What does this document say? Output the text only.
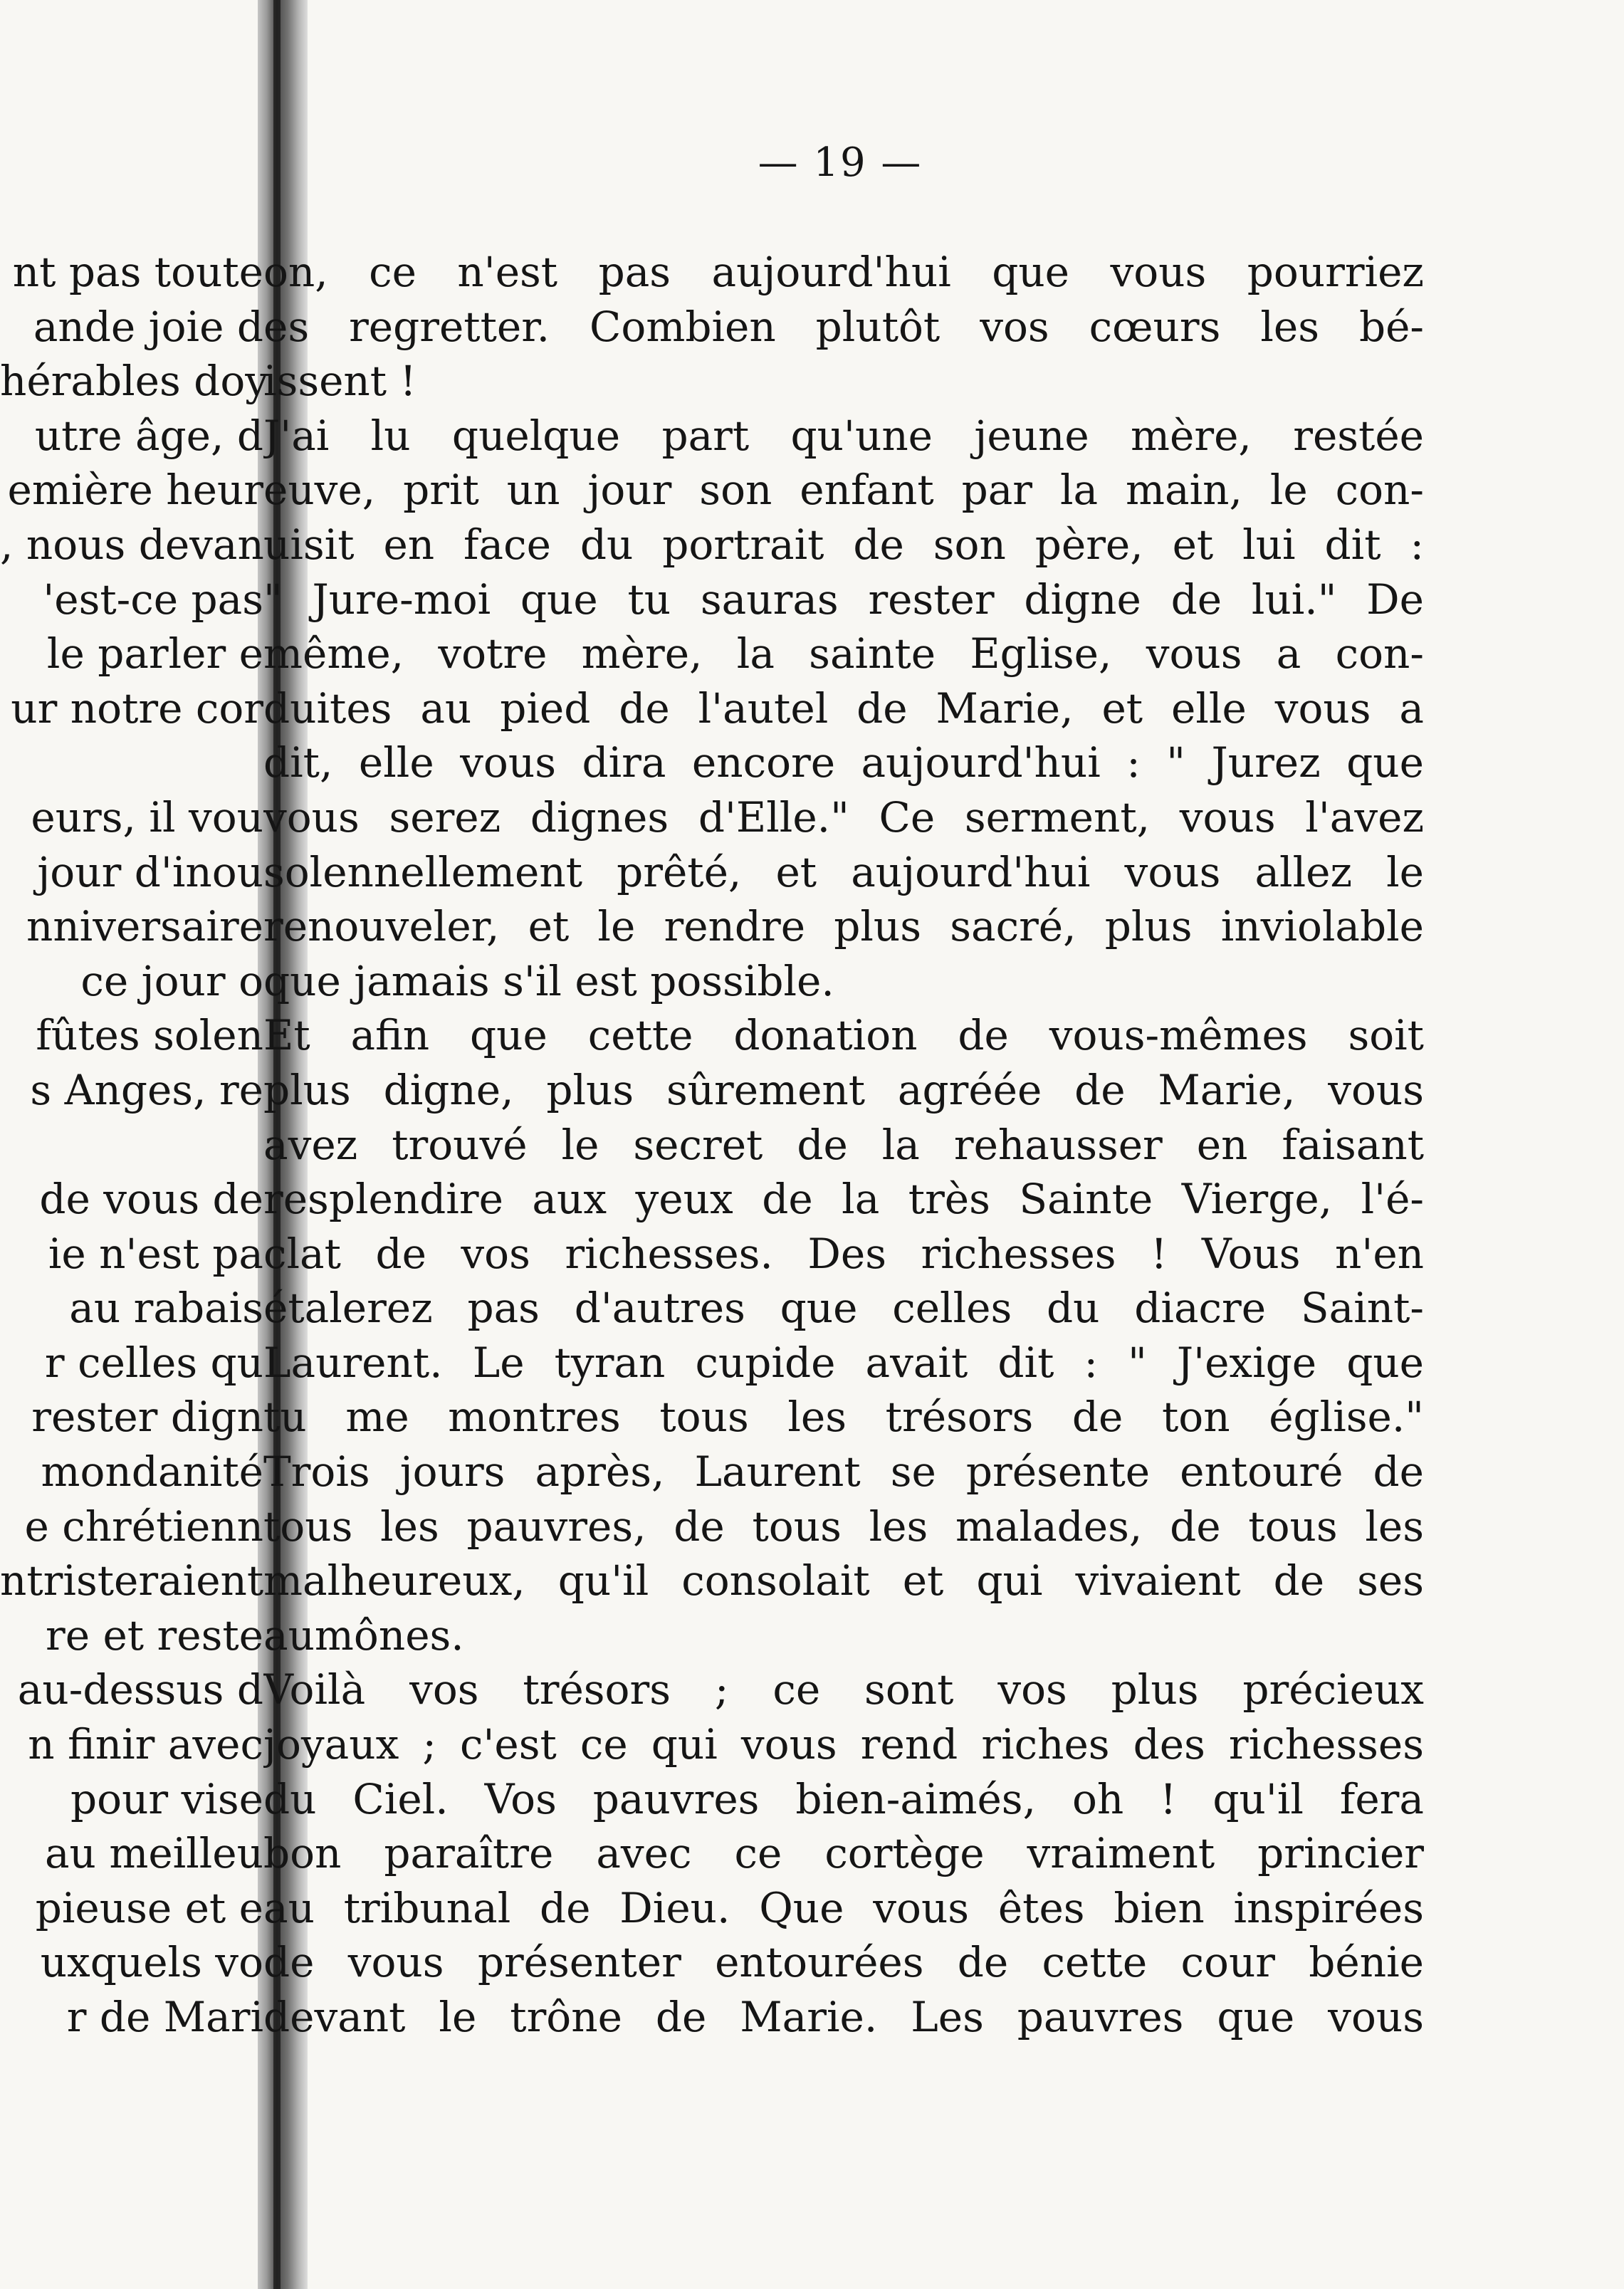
— 19 —
nt pas toute
ande joie d
hérables doy
utre âge, d
emière heur
, nous devan
'est-ce pas
le parler e
ur notre cor
eurs, il vou
jour d'inou
nniversaire
ce jour o
fûtes solen
s Anges, re
de vous de
ie n'est pa
au rabais
r celles qu
rester dign
mondanité
e chrétienn
ntristeraient
re et reste
au-dessus d
n finir avec
pour vise
au meilleu
pieuse et e
uxquels vo
r de Mari
on, ce n'est pas aujourd'hui que vous pourriez
es regretter. Combien plutôt vos cœurs les bé-
issent !
J'ai lu quelque part qu'une jeune mère, restée
euve, prit un jour son enfant par la main, le con-
uisit en face du portrait de son père, et lui dit :
" Jure-moi que tu sauras rester digne de lui." De
même, votre mère, la sainte Eglise, vous a con-
duites au pied de l'autel de Marie, et elle vous a
dit, elle vous dira encore aujourd'hui : " Jurez que
vous serez dignes d'Elle." Ce serment, vous l'avez
solennellement prêté, et aujourd'hui vous allez le
renouveler, et le rendre plus sacré, plus inviolable
que jamais s'il est possible.
Et afin que cette donation de vous-mêmes soit
plus digne, plus sûrement agréée de Marie, vous
avez trouvé le secret de la rehausser en faisant
resplendire aux yeux de la très Sainte Vierge, l'é-
clat de vos richesses. Des richesses ! Vous n'en
étalerez pas d'autres que celles du diacre Saint-
Laurent. Le tyran cupide avait dit : " J'exige que
tu me montres tous les trésors de ton église."
Trois jours après, Laurent se présente entouré de
tous les pauvres, de tous les malades, de tous les
malheureux, qu'il consolait et qui vivaient de ses
aumônes.
Voilà vos trésors ; ce sont vos plus précieux
joyaux ; c'est ce qui vous rend riches des richesses
du Ciel. Vos pauvres bien-aimés, oh ! qu'il fera
bon paraître avec ce cortège vraiment princier
au tribunal de Dieu. Que vous êtes bien inspirées
de vous présenter entourées de cette cour bénie
devant le trône de Marie. Les pauvres que vous
